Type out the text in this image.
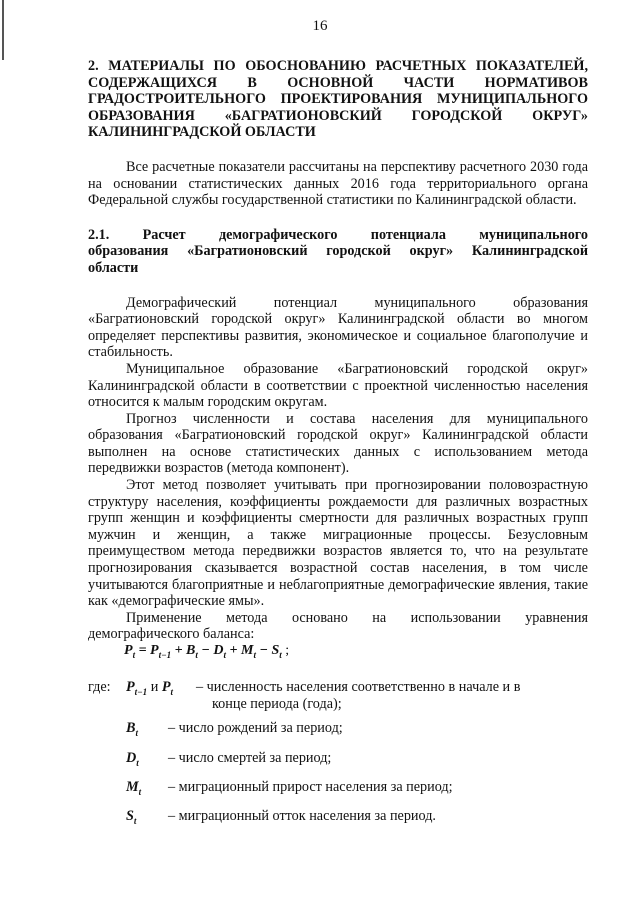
16
2. МАТЕРИАЛЫ ПО ОБОСНОВАНИЮ РАСЧЕТНЫХ ПОКАЗАТЕЛЕЙ,
СОДЕРЖАЩИХСЯ В ОСНОВНОЙ ЧАСТИ НОРМАТИВОВ
ГРАДОСТРОИТЕЛЬНОГО ПРОЕКТИРОВАНИЯ МУНИЦИПАЛЬНОГО
ОБРАЗОВАНИЯ «БАГРАТИОНОВСКИЙ ГОРОДСКОЙ ОКРУГ»
КАЛИНИНГРАДСКОЙ ОБЛАСТИ

Все расчетные показатели рассчитаны на перспективу расчетного 2030 года на основании статистических данных 2016 года территориального органа Федеральной службы государственной статистики по Калининградской области.

2.1. Расчет демографического потенциала муниципального
образования «Багратионовский городской округ» Калининградской
области

Демографический потенциал муниципального образования «Багратионовский городской округ» Калининградской области во многом определяет перспективы развития, экономическое и социальное благополучие и стабильность.

Муниципальное образование «Багратионовский городской округ» Калининградской области в соответствии с проектной численностью населения относится к малым городским округам.

Прогноз численности и состава населения для муниципального образования «Багратионовский городской округ» Калининградской области выполнен на основе статистических данных с использованием метода передвижки возрастов (метода компонент).

Этот метод позволяет учитывать при прогнозировании половозрастную структуру населения, коэффициенты рождаемости для различных возрастных групп женщин и коэффициенты смертности для различных возрастных групп мужчин и женщин, а также миграционные процессы. Безусловным преимуществом метода передвижки возрастов является то, что на результате прогнозирования сказывается возрастной состав населения, в том числе учитываются благоприятные и неблагоприятные демографические явления, такие как «демографические ямы».

Применение метода основано на использовании уравнения демографического баланса:

$P_t = P_{t-1} + B_t - D_t + M_t - S_t$ ;
где:	$P_{t-1}$ и $P_t$	– численность населения соответственно в начале и в
конце периода (года);
$B_t$	– число рождений за период;
$D_t$	– число смертей за период;
$M_t$	– миграционный прирост населения за период;
$S_t$	– миграционный отток населения за период.
